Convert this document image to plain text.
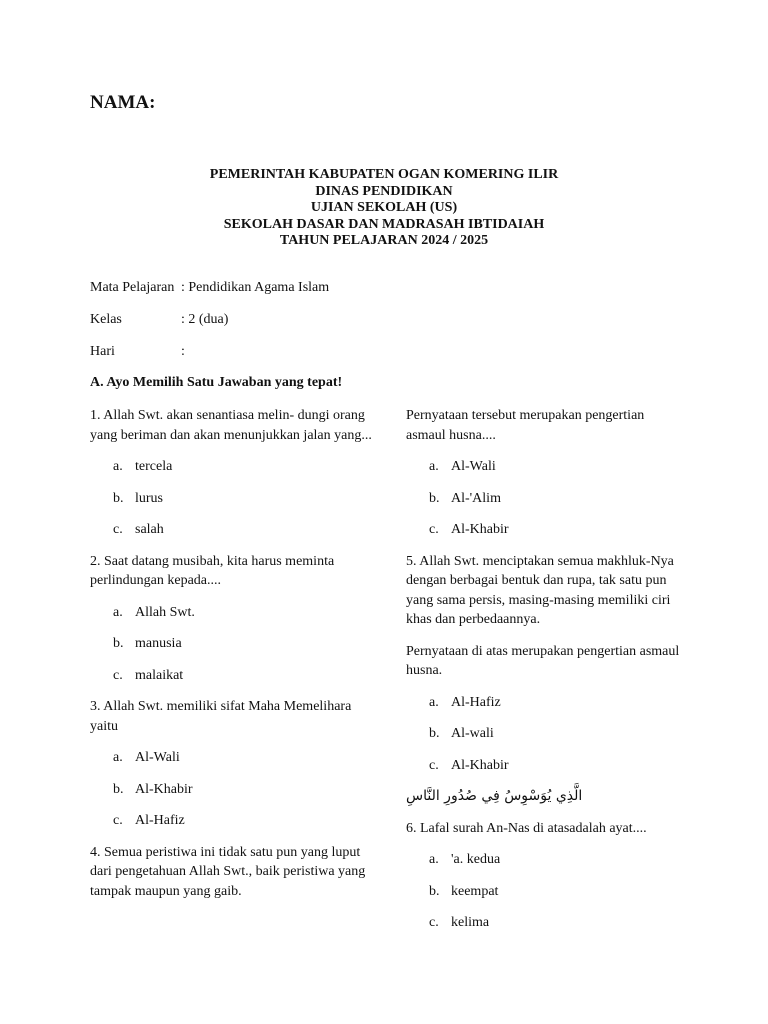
NAMA:
PEMERINTAH KABUPATEN OGAN KOMERING ILIR
DINAS PENDIDIKAN
UJIAN SEKOLAH (US)
SEKOLAH DASAR DAN MADRASAH IBTIDAIAH
TAHUN PELAJARAN 2024 / 2025
Mata Pelajaran : Pendidikan Agama Islam
Kelas	: 2 (dua)
Hari	:
A. Ayo Memilih Satu Jawaban yang tepat!
1. Allah Swt. akan senantiasa melin- dungi orang yang beriman dan akan menunjukkan jalan yang...
a. tercela
b. lurus
c. salah
2. Saat datang musibah, kita harus meminta perlindungan kepada....
a. Allah Swt.
b. manusia
c. malaikat
3. Allah Swt. memiliki sifat Maha Memelihara yaitu
a. Al-Wali
b. Al-Khabir
c. Al-Hafiz
4. Semua peristiwa ini tidak satu pun yang luput dari pengetahuan Allah Swt., baik peristiwa yang tampak maupun yang gaib.
Pernyataan tersebut merupakan pengertian asmaul husna....
a. Al-Wali
b. Al-'Alim
c. Al-Khabir
5. Allah Swt. menciptakan semua makhluk-Nya dengan berbagai bentuk dan rupa, tak satu pun yang sama persis, masing-masing memiliki ciri khas dan perbedaannya.
Pernyataan di atas merupakan pengertian asmaul husna.
a. Al-Hafiz
b. Al-wali
c. Al-Khabir
الَّذِي يُوَسْوِسُ فِي صُدُورِ النَّاسِ
6. Lafal surah An-Nas di atasadalah ayat....
a. 'a. kedua
b. keempat
c. kelima
